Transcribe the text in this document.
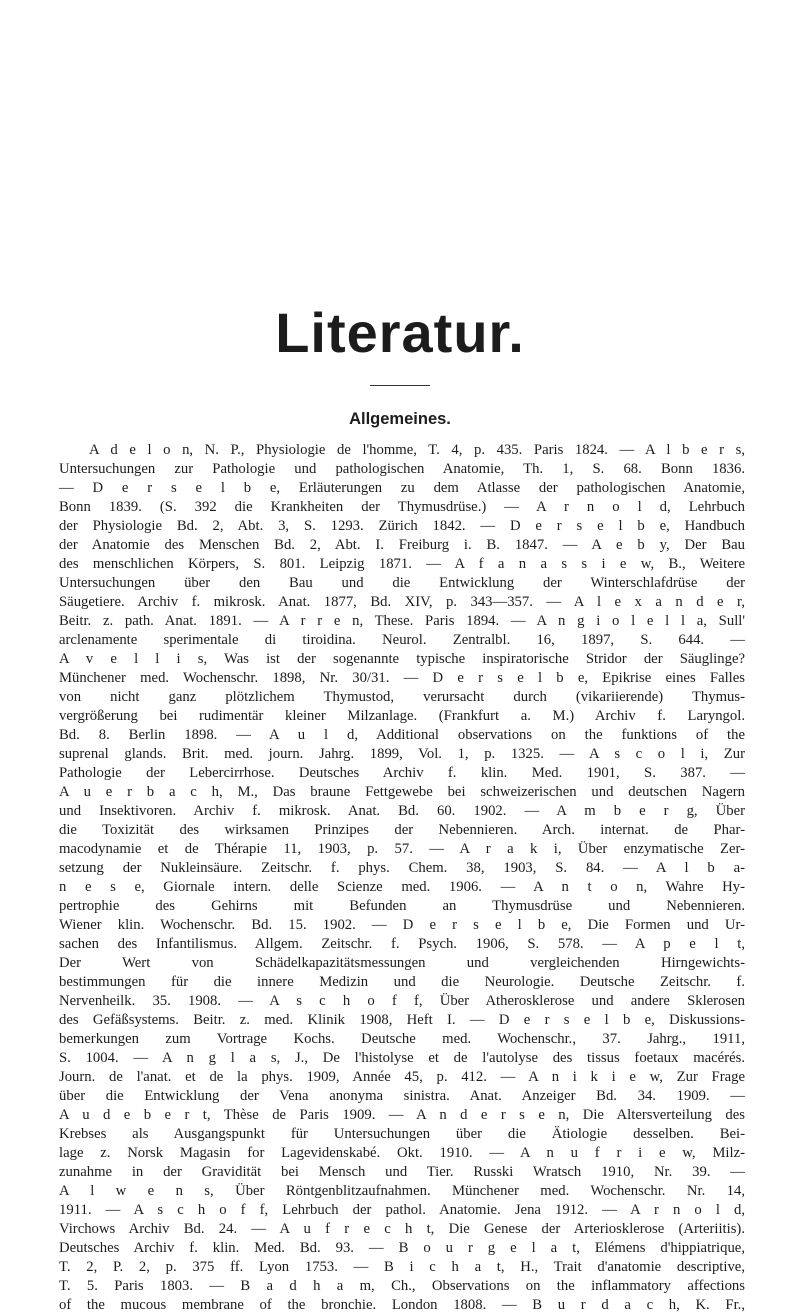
Literatur.
Allgemeines.
A d e l o n, N. P., Physiologie de l'homme, T. 4, p. 435. Paris 1824. — A l b e r s,
Untersuchungen zur Pathologie und pathologischen Anatomie, Th. 1, S. 68. Bonn 1836.
— D e r s e l b e, Erläuterungen zu dem Atlasse der pathologischen Anatomie,
Bonn 1839. (S. 392 die Krankheiten der Thymusdrüse.) — A r n o l d, Lehrbuch
der Physiologie Bd. 2, Abt. 3, S. 1293. Zürich 1842. — D e r s e l b e, Handbuch
der Anatomie des Menschen Bd. 2, Abt. I. Freiburg i. B. 1847. — A e b y, Der Bau
des menschlichen Körpers, S. 801. Leipzig 1871. — A f a n a s s i e w, B., Weitere
Untersuchungen über den Bau und die Entwicklung der Winterschlafdrüse der
Säugetiere. Archiv f. mikrosk. Anat. 1877, Bd. XIV, p. 343—357. — A l e x a n d e r,
Beitr. z. path. Anat. 1891. — A r r e n, These. Paris 1894. — A n g i o l e l l a, Sull'
arclenamente sperimentale di tiroidina. Neurol. Zentralbl. 16, 1897, S. 644. —
A v e l l i s, Was ist der sogenannte typische inspiratorische Stridor der Säuglinge?
Münchener med. Wochenschr. 1898, Nr. 30/31. — D e r s e l b e, Epikrise eines Falles
von nicht ganz plötzlichem Thymustod, verursacht durch (vikariierende) Thymus-
vergrößerung bei rudimentär kleiner Milzanlage. (Frankfurt a. M.) Archiv f. Laryngol.
Bd. 8. Berlin 1898. — A u l d, Additional observations on the funktions of the
suprenal glands. Brit. med. journ. Jahrg. 1899, Vol. 1, p. 1325. — A s c o l i, Zur
Pathologie der Lebercirrhose. Deutsches Archiv f. klin. Med. 1901, S. 387. —
A u e r b a c h, M., Das braune Fettgewebe bei schweizerischen und deutschen Nagern
und Insektivoren. Archiv f. mikrosk. Anat. Bd. 60. 1902. — A m b e r g, Über
die Toxizität des wirksamen Prinzipes der Nebennieren. Arch. internat. de Phar-
macodynamie et de Thérapie 11, 1903, p. 57. — A r a k i, Über enzymatische Zer-
setzung der Nukleinsäure. Zeitschr. f. phys. Chem. 38, 1903, S. 84. — A l b a-
n e s e, Giornale intern. delle Scienze med. 1906. — A n t o n, Wahre Hy-
pertrophie des Gehirns mit Befunden an Thymusdrüse und Nebennieren.
Wiener klin. Wochenschr. Bd. 15. 1902. — D e r s e l b e, Die Formen und Ur-
sachen des Infantilismus. Allgem. Zeitschr. f. Psych. 1906, S. 578. — A p e l t,
Der Wert von Schädelkapazitätsmessungen und vergleichenden Hirngewichts-
bestimmungen für die innere Medizin und die Neurologie. Deutsche Zeitschr. f.
Nervenheilk. 35. 1908. — A s c h o f f, Über Atherosklerose und andere Sklerosen
des Gefäßsystems. Beitr. z. med. Klinik 1908, Heft I. — D e r s e l b e, Diskussions-
bemerkungen zum Vortrage Kochs. Deutsche med. Wochenschr., 37. Jahrg., 1911,
S. 1004. — A n g l a s, J., De l'histolyse et de l'autolyse des tissus foetaux macérés.
Journ. de l'anat. et de la phys. 1909, Année 45, p. 412. — A n i k i e w, Zur Frage
über die Entwicklung der Vena anonyma sinistra. Anat. Anzeiger Bd. 34. 1909. —
A u d e b e r t, Thèse de Paris 1909. — A n d e r s e n, Die Altersverteilung des
Krebses als Ausgangspunkt für Untersuchungen über die Ätiologie desselben. Bei-
lage z. Norsk Magasin for Lagevidenskabé. Okt. 1910. — A n u f r i e w, Milz-
zunahme in der Gravidität bei Mensch und Tier. Russki Wratsch 1910, Nr. 39. —
A l w e n s, Über Röntgenblitzaufnahmen. Münchener med. Wochenschr. Nr. 14,
1911. — A s c h o f f, Lehrbuch der pathol. Anatomie. Jena 1912. — A r n o l d,
Virchows Archiv Bd. 24. — A u f r e c h t, Die Genese der Arteriosklerose (Arteriitis).
Deutsches Archiv f. klin. Med. Bd. 93. — B o u r g e l a t, Elémens d'hippiatrique,
T. 2, P. 2, p. 375 ff. Lyon 1753. — B i c h a t, H., Trait d'anatomie descriptive,
T. 5. Paris 1803. — B a d h a m, Ch., Observations on the inflammatory affections
of the mucous membrane of the bronchie. London 1808. — B u r d a c h, K. Fr.,
